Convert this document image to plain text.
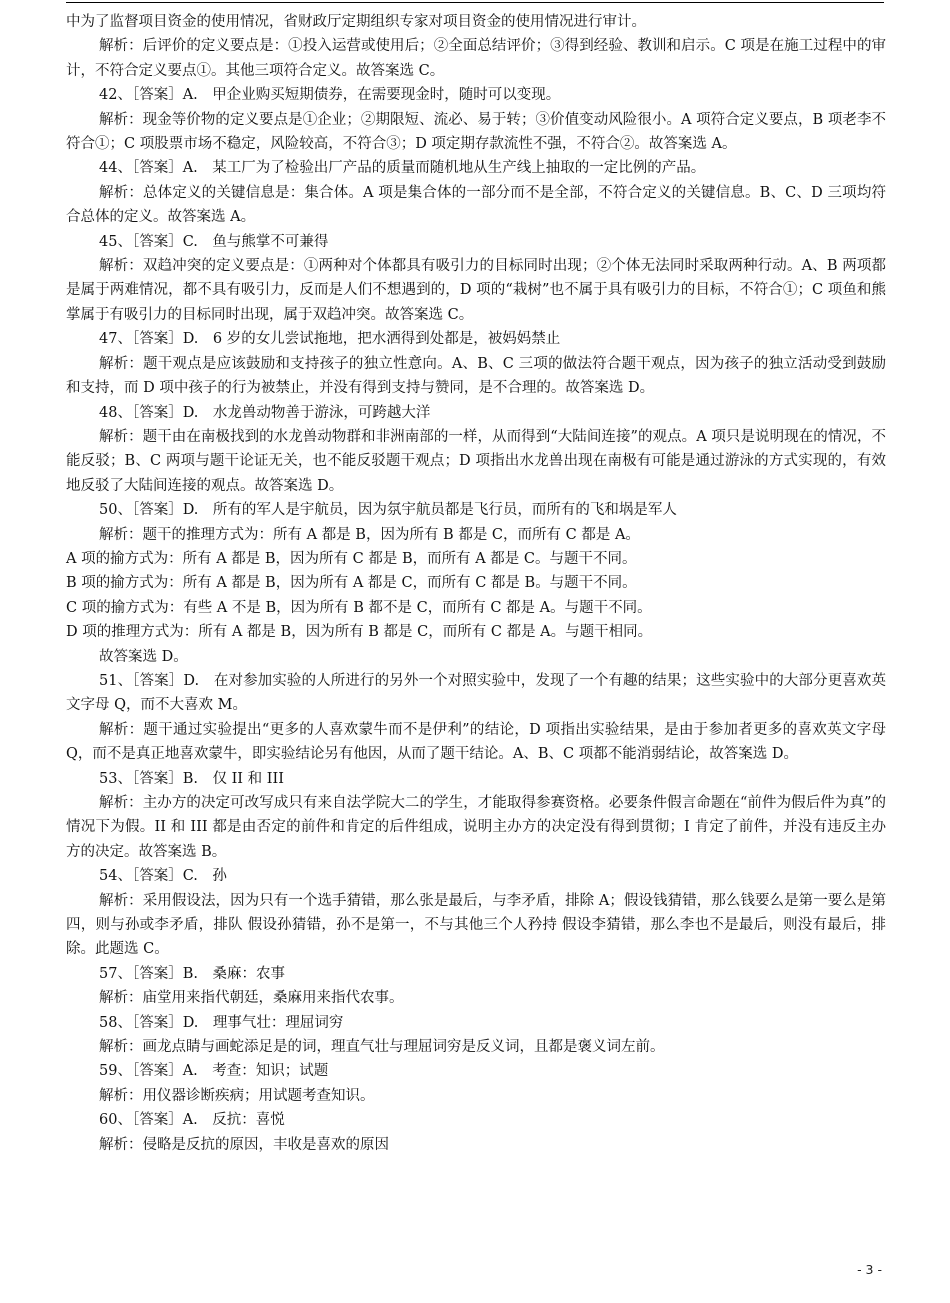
中为了监督项目资金的使用情况，省财政厅定期组织专家对项目资金的使用情况进行审计。

解析：后评价的定义要点是：①投入运营或使用后；②全面总结评价；③得到经验、教训和启示。C 项是在施工过程中的审计，不符合定义要点①。其他三项符合定义。故答案选 C。

42、［答案］A.　甲企业购买短期债券，在需要现金时，随时可以变现。

解析：现金等价物的定义要点是①企业；②期限短、流必、易于转；③价值变动风险很小。A 项符合定义要点，B 项老李不符合①；C 项股票市场不稳定，风险较高，不符合③；D 项定期存款流性不强，不符合②。故答案选 A。

44、［答案］A.　某工厂为了检验出厂产品的质量而随机地从生产线上抽取的一定比例的产品。

解析：总体定义的关键信息是：集合体。A 项是集合体的一部分而不是全部，不符合定义的关键信息。B、C、D 三项均符合总体的定义。故答案选 A。

45、［答案］C.　鱼与熊掌不可兼得

解析：双趋冲突的定义要点是：①两种对个体都具有吸引力的目标同时出现；②个体无法同时采取两种行动。A、B 两项都是属于两难情况，都不具有吸引力，反而是人们不想遇到的，D 项的“栽树”也不属于具有吸引力的目标，不符合①；C 项鱼和熊掌属于有吸引力的目标同时出现，属于双趋冲突。故答案选 C。

47、［答案］D.　6 岁的女儿尝试拖地，把水洒得到处都是，被妈妈禁止

解析：题干观点是应该鼓励和支持孩子的独立性意向。A、B、C 三项的做法符合题干观点，因为孩子的独立活动受到鼓励和支持，而 D 项中孩子的行为被禁止，并没有得到支持与赞同，是不合理的。故答案选 D。

48、［答案］D.　水龙兽动物善于游泳，可跨越大洋

解析：题干由在南极找到的水龙兽动物群和非洲南部的一样，从而得到“大陆间连接”的观点。A 项只是说明现在的情况，不能反驳；B、C 两项与题干论证无关，也不能反驳题干观点；D 项指出水龙兽出现在南极有可能是通过游泳的方式实现的，有效地反驳了大陆间连接的观点。故答案选 D。

50、［答案］D.　所有的军人是宇航员，因为氛宇航员都是飞行员，而所有的飞和埚是军人

解析：题干的推理方式为：所有 A 都是 B，因为所有 B 都是 C，而所有 C 都是 A。

A 项的揄方式为：所有 A 都是 B，因为所有 C 都是 B，而所有 A 都是 C。与题干不同。

B 项的揄方式为：所有 A 都是 B，因为所有 A 都是 C，而所有 C 都是 B。与题干不同。

C 项的揄方式为：有些 A 不是 B，因为所有 B 都不是 C，而所有 C 都是 A。与题干不同。

D 项的推理方式为：所有 A 都是 B，因为所有 B 都是 C，而所有 C 都是 A。与题干相同。

故答案选 D。

51、［答案］D.　在对参加实验的人所进行的另外一个对照实验中，发现了一个有趣的结果；这些实验中的大部分更喜欢英文字母 Q，而不大喜欢 M。

解析：题干通过实验提出“更多的人喜欢蒙牛而不是伊利”的结论，D 项指出实验结果，是由于参加者更多的喜欢英文字母 Q，而不是真正地喜欢蒙牛，即实验结论另有他因，从而了题干结论。A、B、C 项都不能消弱结论，故答案选 D。

53、［答案］B.　仅 II 和 III

解析：主办方的决定可改写成只有来自法学院大二的学生，才能取得参赛资格。必要条件假言命题在“前件为假后件为真”的情况下为假。II 和 III 都是由否定的前件和肯定的后件组成，说明主办方的决定没有得到贯彻；I 肯定了前件，并没有违反主办方的决定。故答案选 B。

54、［答案］C.　孙

解析：采用假设法，因为只有一个选手猜错，那么张是最后，与李矛盾，排除 A；假设钱猜错，那么钱要么是第一要么是第四，则与孙或李矛盾，排队 假设孙猜错，孙不是第一，不与其他三个人矜持 假设李猜错，那么李也不是最后，则没有最后，排除。此题选 C。

57、［答案］B.　桑麻：农事

解析：庙堂用来指代朝廷，桑麻用来指代农事。

58、［答案］D.　理事气壮：理屈词穷

解析：画龙点睛与画蛇添足是的词，理直气壮与理屈词穷是反义词，且都是褒义词左前。

59、［答案］A.　考查：知识；试题

解析：用仪器诊断疾病；用试题考查知识。

60、［答案］A.　反抗：喜悦

解析：侵略是反抗的原因，丰收是喜欢的原因

- 3 -
